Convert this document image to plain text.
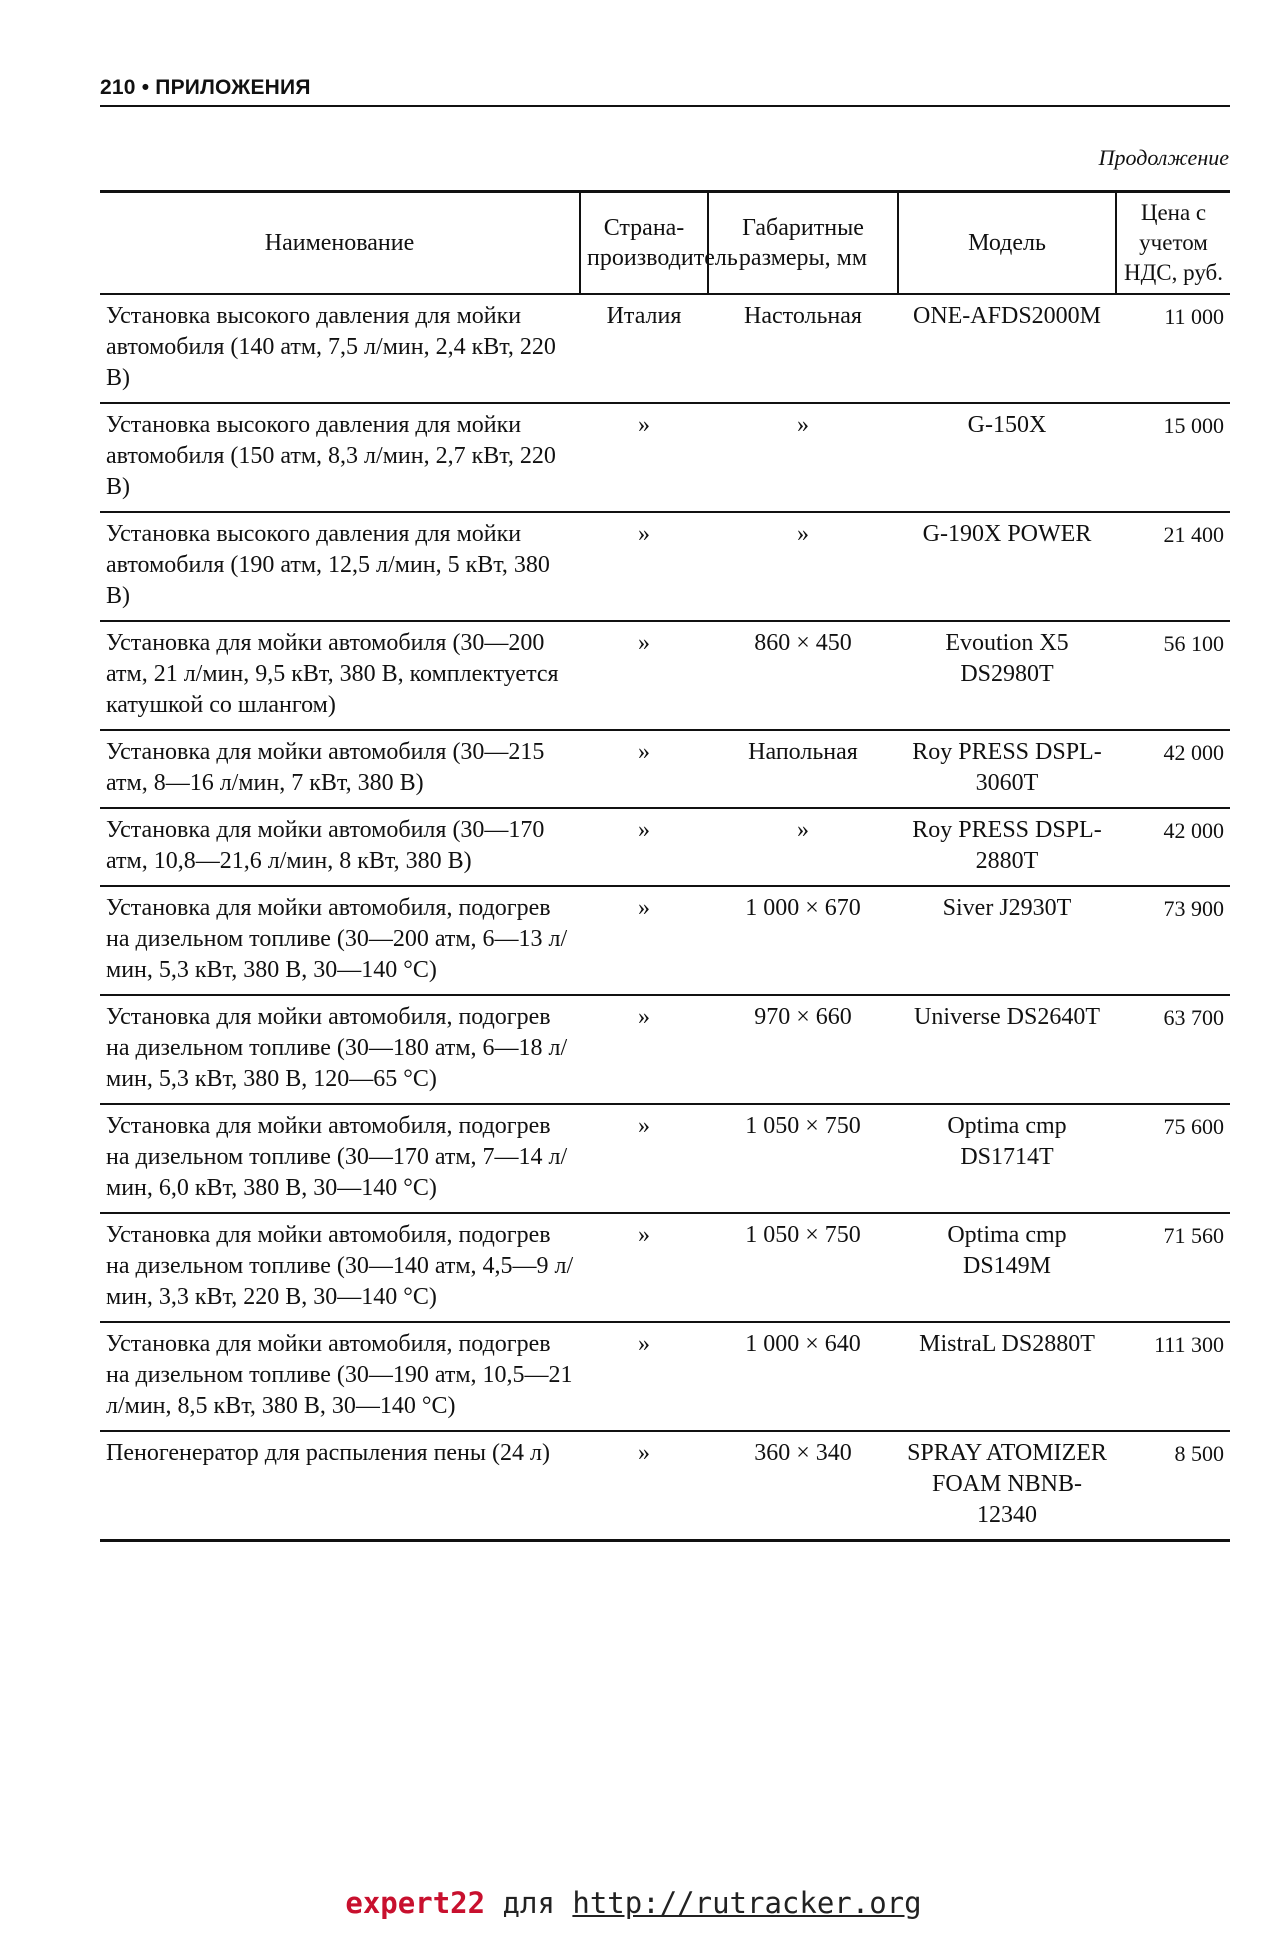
210 • ПРИЛОЖЕНИЯ
Продолжение
Наименование	Страна-производитель	Габаритные размеры, мм	Модель	Цена с учетом НДС, руб.
Установка высокого давления для мойки автомобиля (140 атм, 7,5 л/мин, 2,4 кВт, 220 В)	Италия	Настольная	ONE-AFDS2000M	11 000
Установка высокого давления для мойки автомобиля (150 атм, 8,3 л/мин, 2,7 кВт, 220 В)	»	»	G-150X	15 000
Установка высокого давления для мойки автомобиля (190 атм, 12,5 л/мин, 5 кВт, 380 В)	»	»	G-190X POWER	21 400
Установка для мойки автомобиля (30—200 атм, 21 л/мин, 9,5 кВт, 380 В, комплектуется катушкой со шлангом)	»	860 × 450	Evoution X5 DS2980T	56 100
Установка для мойки автомобиля (30—215 атм, 8—16 л/мин, 7 кВт, 380 В)	»	Напольная	Roy PRESS DSPL-3060T	42 000
Установка для мойки автомобиля (30—170 атм, 10,8—21,6 л/мин, 8 кВт, 380 В)	»	»	Roy PRESS DSPL-2880T	42 000
Установка для мойки автомобиля, подогрев на дизельном топливе (30—200 атм, 6—13 л/мин, 5,3 кВт, 380 В, 30—140 °С)	»	1 000 × 670	Siver J2930T	73 900
Установка для мойки автомобиля, подогрев на дизельном топливе (30—180 атм, 6—18 л/мин, 5,3 кВт, 380 В, 120—65 °С)	»	970 × 660	Universe DS2640T	63 700
Установка для мойки автомобиля, подогрев на дизельном топливе (30—170 атм, 7—14 л/мин, 6,0 кВт, 380 В, 30—140 °С)	»	1 050 × 750	Optima cmp DS1714T	75 600
Установка для мойки автомобиля, подогрев на дизельном топливе (30—140 атм, 4,5—9 л/мин, 3,3 кВт, 220 В, 30—140 °С)	»	1 050 × 750	Optima cmp DS149M	71 560
Установка для мойки автомобиля, подогрев на дизельном топливе (30—190 атм, 10,5—21 л/мин, 8,5 кВт, 380 В, 30—140 °С)	»	1 000 × 640	MistraL DS2880T	111 300
Пеногенератор для распыления пены (24 л)	»	360 × 340	SPRAY ATOMIZER FOAM NBNB-12340	8 500
expert22 для http://rutracker.org
